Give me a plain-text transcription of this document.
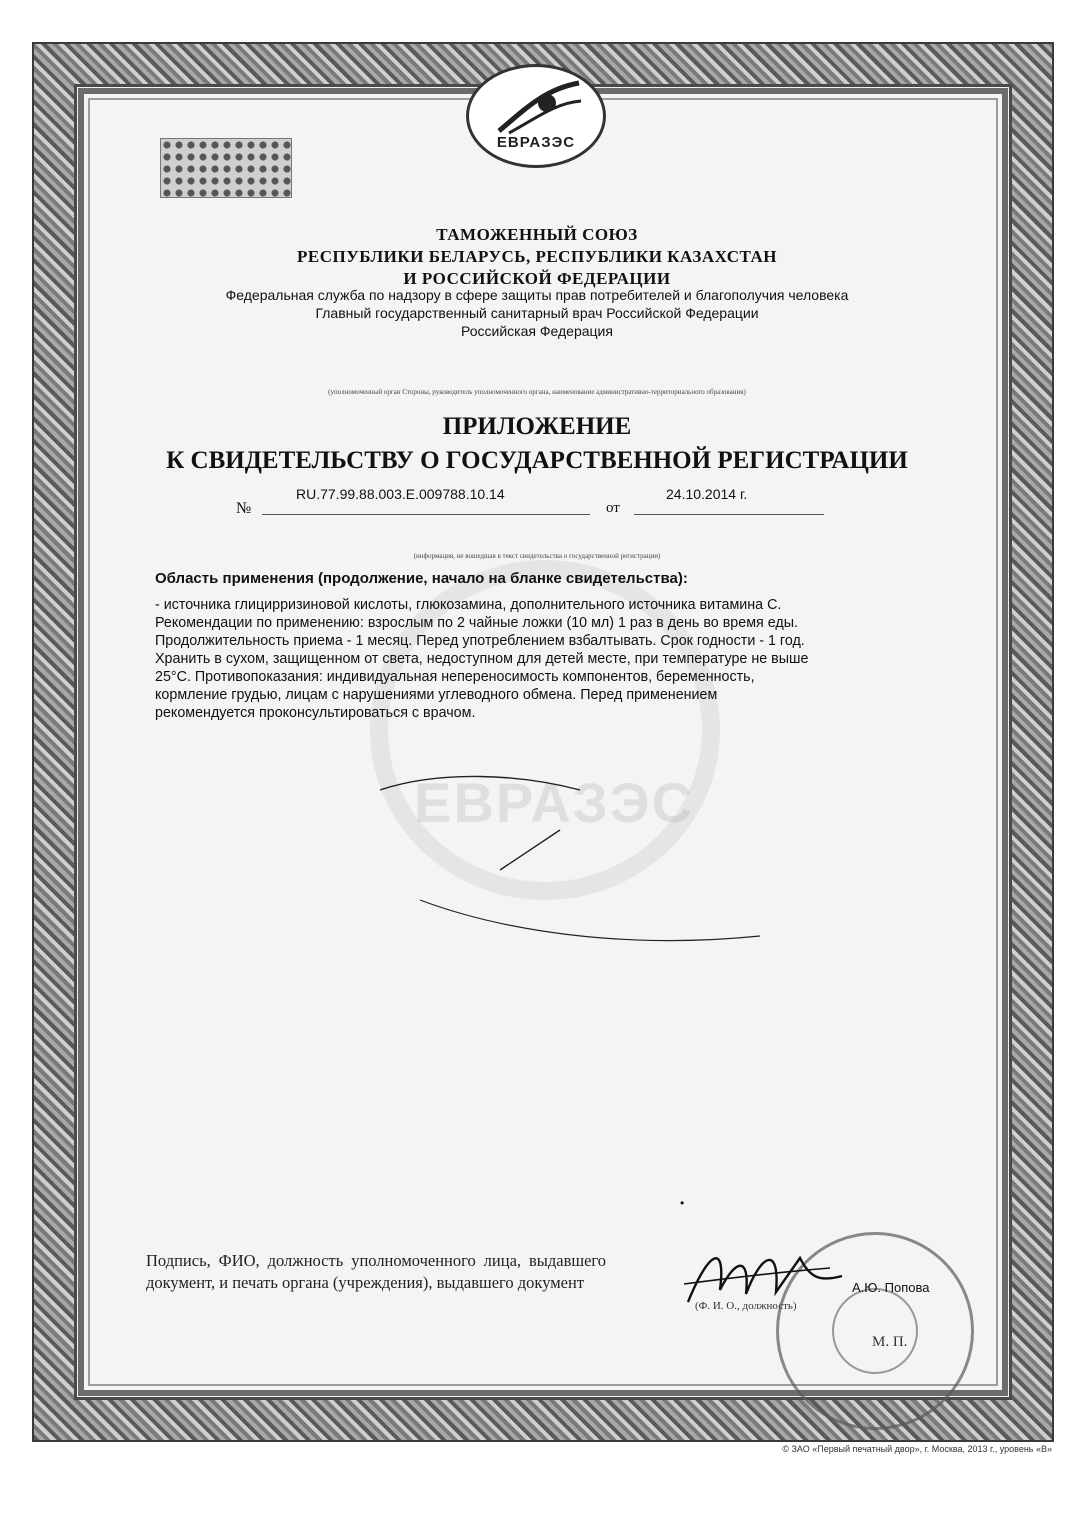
ЕВРАЗЭС
ЕВРАЗЭС
ТАМОЖЕННЫЙ СОЮЗ
РЕСПУБЛИКИ БЕЛАРУСЬ, РЕСПУБЛИКИ КАЗАХСТАН
И РОССИЙСКОЙ ФЕДЕРАЦИИ
Федеральная служба по надзору в сфере защиты прав потребителей и благополучия человека
Главный государственный санитарный врач Российской Федерации
Российская Федерация
(уполномоченный орган Стороны, руководитель уполномоченного органа, наименование административно-территориального образования)
ПРИЛОЖЕНИЕ
К СВИДЕТЕЛЬСТВУ О ГОСУДАРСТВЕННОЙ РЕГИСТРАЦИИ
№
RU.77.99.88.003.Е.009788.10.14
от
24.10.2014 г.
(информация, не вошедшая в текст свидетельства о государственной регистрации)
Область применения (продолжение, начало на бланке свидетельства):
- источника глицирризиновой кислоты, глюкозамина, дополнительного источника витамина С.
Рекомендации по применению: взрослым по 2 чайные ложки (10 мл) 1 раз в день во время еды.
Продолжительность приема - 1 месяц. Перед употреблением взбалтывать. Срок годности - 1 год.
Хранить в сухом, защищенном от света, недоступном для детей месте, при температуре не выше
25°С. Противопоказания: индивидуальная непереносимость компонентов, беременность,
кормление грудью, лицам с нарушениями углеводного обмена. Перед применением
рекомендуется проконсультироваться с врачом.
•
Подпись, ФИО, должность уполномоченного лица, выдавшего документ, и печать органа (учреждения), выдавшего документ	А.Ю. Попова
(Ф. И. О., должность)
М. П.
© ЗАО «Первый печатный двор», г. Москва, 2013 г., уровень «В»
